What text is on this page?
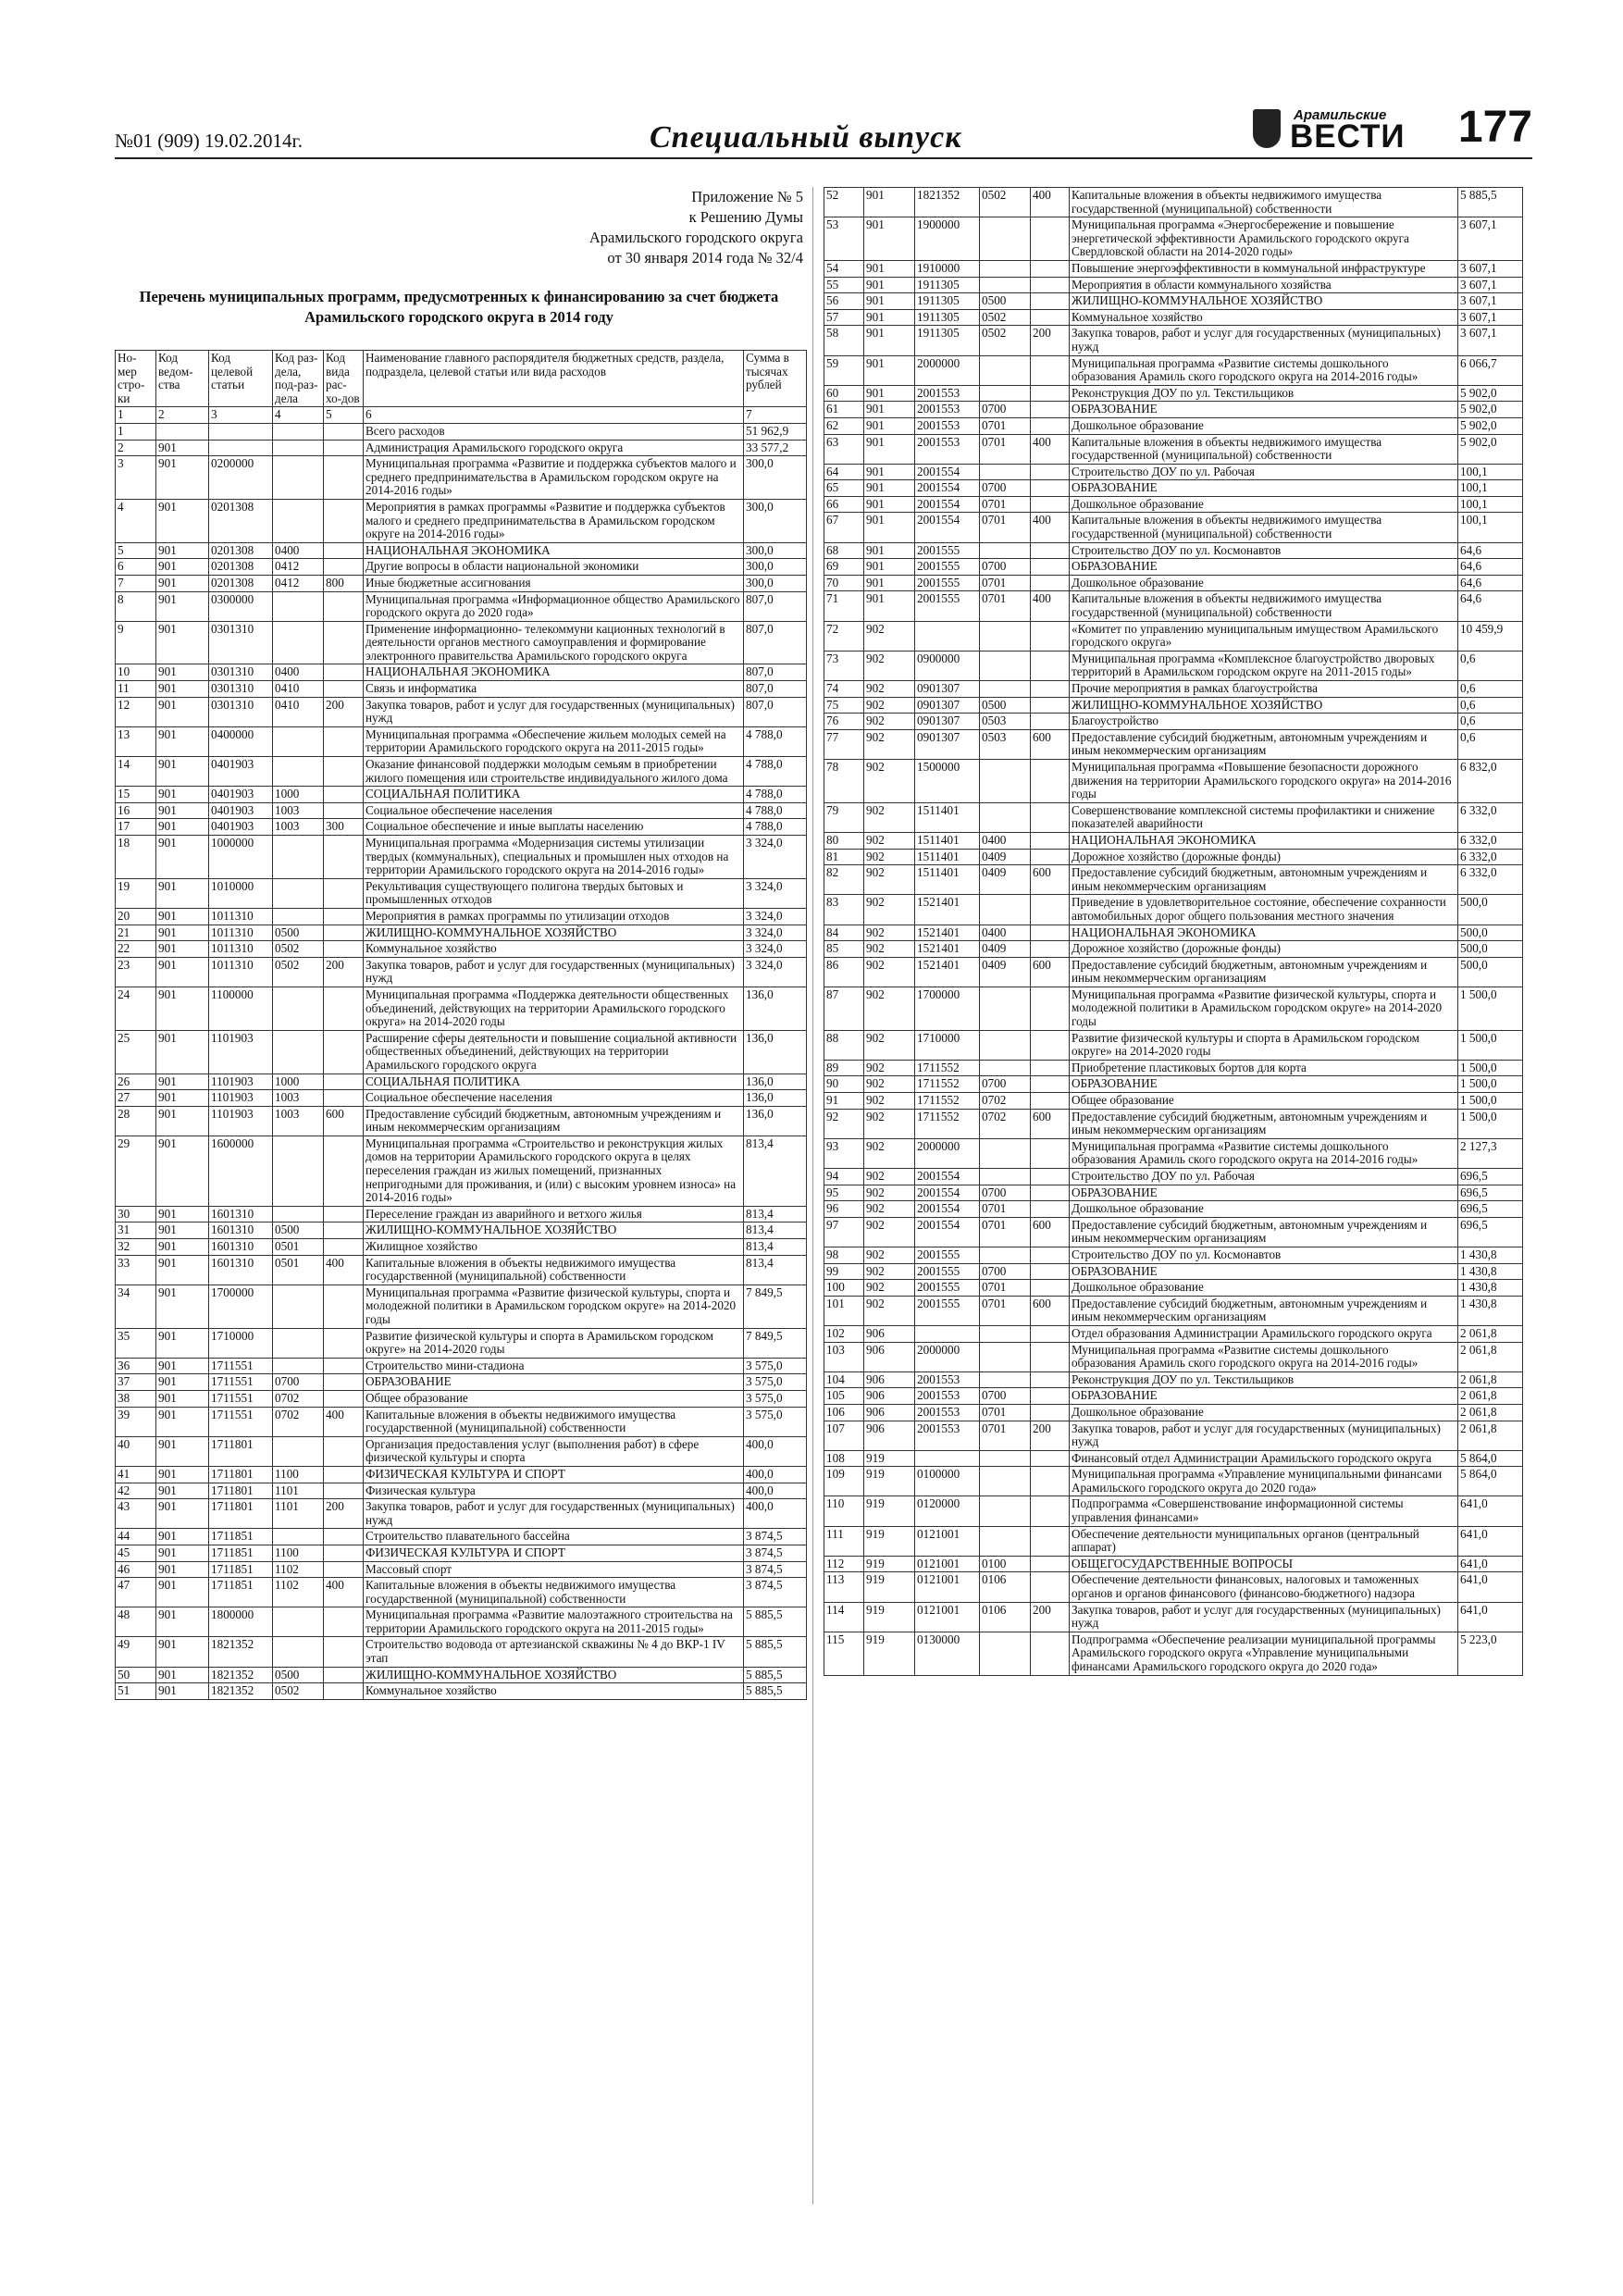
№01 (909) 19.02.2014г.	Специальный выпуск
Арамильские
ВЕСТИ	177
Приложение № 5
к Решению Думы
Арамильского городского округа
от 30 января 2014 года № 32/4
Перечень муниципальных программ, предусмотренных к финансированию за счет бюджета Арамильского городского округа в 2014 году
Но-мер стро-ки	Код ведом-ства	Код целевой статьи	Код раз-дела, под-раз-дела	Код вида рас-хо-дов	Наименование главного распорядителя бюджетных средств, раздела, подраздела, целевой статьи или вида расходов	Сумма в тысячах рублей
1	2	3	4	5	6	7
1					Всего расходов	51 962,9
2	901				Администрация Арамильского городского округа	33 577,2
3	901	0200000			Муниципальная программа «Развитие и поддержка субъектов малого и среднего предпринимательства в Арамильском городском округе на 2014-2016 годы»	300,0
4	901	0201308			Мероприятия в рамках программы «Развитие и поддержка субъектов малого и среднего предпринимательства в Арамильском городском округе на 2014-2016 годы»	300,0
5	901	0201308	0400		НАЦИОНАЛЬНАЯ ЭКОНОМИКА	300,0
6	901	0201308	0412		Другие вопросы в области национальной экономики	300,0
7	901	0201308	0412	800	Иные бюджетные ассигнования	300,0
8	901	0300000			Муниципальная программа «Информационное общество Арамильского городского округа до 2020 года»	807,0
9	901	0301310			Применение информационно- телекоммуни кационных технологий в деятельности органов местного самоуправления и формирование электронного правительства Арамильского городского округа	807,0
10	901	0301310	0400		НАЦИОНАЛЬНАЯ ЭКОНОМИКА	807,0
11	901	0301310	0410		Связь и информатика	807,0
12	901	0301310	0410	200	Закупка товаров, работ и услуг для государственных (муниципальных) нужд	807,0
13	901	0400000			Муниципальная программа «Обеспечение жильем молодых семей на территории Арамильского городского округа на 2011-2015 годы»	4 788,0
14	901	0401903			Оказание финансовой поддержки молодым семьям в приобретении жилого помещения или строительстве индивидуального жилого дома	4 788,0
15	901	0401903	1000		СОЦИАЛЬНАЯ ПОЛИТИКА	4 788,0
16	901	0401903	1003		Социальное обеспечение населения	4 788,0
17	901	0401903	1003	300	Социальное обеспечение и иные выплаты населению	4 788,0
18	901	1000000			Муниципальная программа «Модернизация системы утилизации твердых (коммунальных), специальных и промышлен ных отходов на территории Арамильского городского округа на 2014-2016 годы»	3 324,0
19	901	1010000			Рекультивация существующего полигона твердых бытовых и промышленных отходов	3 324,0
20	901	1011310			Мероприятия в рамках программы по утилизации отходов	3 324,0
21	901	1011310	0500		ЖИЛИЩНО-КОММУНАЛЬНОЕ ХОЗЯЙСТВО	3 324,0
22	901	1011310	0502		Коммунальное хозяйство	3 324,0
23	901	1011310	0502	200	Закупка товаров, работ и услуг для государственных (муниципальных) нужд	3 324,0
24	901	1100000			Муниципальная программа «Поддержка деятельности общественных объединений, действующих на территории Арамильского городского округа» на 2014-2020 годы	136,0
25	901	1101903			Расширение сферы деятельности и повышение социальной активности общественных объединений, действующих на территории Арамильского городского округа	136,0
26	901	1101903	1000		СОЦИАЛЬНАЯ ПОЛИТИКА	136,0
27	901	1101903	1003		Социальное обеспечение населения	136,0
28	901	1101903	1003	600	Предоставление субсидий бюджетным, автономным учреждениям и иным некоммерческим организациям	136,0
29	901	1600000			Муниципальная программа «Строительство и реконструкция жилых домов на территории Арамильского городского округа в целях переселения граждан из жилых помещений, признанных непригодными для проживания, и (или) с высоким уровнем износа» на 2014-2016 годы»	813,4
30	901	1601310			Переселение граждан из аварийного и ветхого жилья	813,4
31	901	1601310	0500		ЖИЛИЩНО-КОММУНАЛЬНОЕ ХОЗЯЙСТВО	813,4
32	901	1601310	0501		Жилищное хозяйство	813,4
33	901	1601310	0501	400	Капитальные вложения в объекты недвижимого имущества государственной (муниципальной) собственности	813,4
34	901	1700000			Муниципальная программа «Развитие физической культуры, спорта и молодежной политики в Арамильском городском округе» на 2014-2020 годы	7 849,5
35	901	1710000			Развитие физической культуры и спорта в Арамильском городском округе» на 2014-2020 годы	7 849,5
36	901	1711551			Строительство мини-стадиона	3 575,0
37	901	1711551	0700		ОБРАЗОВАНИЕ	3 575,0
38	901	1711551	0702		Общее образование	3 575,0
39	901	1711551	0702	400	Капитальные вложения в объекты недвижимого имущества государственной (муниципальной) собственности	3 575,0
40	901	1711801			Организация предоставления услуг (выполнения работ) в сфере физической культуры и спорта	400,0
41	901	1711801	1100		ФИЗИЧЕСКАЯ КУЛЬТУРА И СПОРТ	400,0
42	901	1711801	1101		Физическая культура	400,0
43	901	1711801	1101	200	Закупка товаров, работ и услуг для государственных (муниципальных) нужд	400,0
44	901	1711851			Строительство плавательного бассейна	3 874,5
45	901	1711851	1100		ФИЗИЧЕСКАЯ КУЛЬТУРА И СПОРТ	3 874,5
46	901	1711851	1102		Массовый спорт	3 874,5
47	901	1711851	1102	400	Капитальные вложения в объекты недвижимого имущества государственной (муниципальной) собственности	3 874,5
48	901	1800000			Муниципальная программа «Развитие малоэтажного строительства на территории Арамильского городского округа на 2011-2015 годы»	5 885,5
49	901	1821352			Строительство водовода от артезианской скважины № 4 до ВКР-1 IV этап	5 885,5
50	901	1821352	0500		ЖИЛИЩНО-КОММУНАЛЬНОЕ ХОЗЯЙСТВО	5 885,5
51	901	1821352	0502		Коммунальное хозяйство	5 885,5
52	901	1821352	0502	400	Капитальные вложения в объекты недвижимого имущества государственной (муниципальной) собственности	5 885,5
53	901	1900000			Муниципальная программа «Энергосбережение и повышение энергетической эффективности Арамильского городского округа Свердловской области на 2014-2020 годы»	3 607,1
54	901	1910000			Повышение энергоэффективности в коммунальной инфраструктуре	3 607,1
55	901	1911305			Мероприятия в области коммунального хозяйства	3 607,1
56	901	1911305	0500		ЖИЛИЩНО-КОММУНАЛЬНОЕ ХОЗЯЙСТВО	3 607,1
57	901	1911305	0502		Коммунальное хозяйство	3 607,1
58	901	1911305	0502	200	Закупка товаров, работ и услуг для государственных (муниципальных) нужд	3 607,1
59	901	2000000			Муниципальная программа «Развитие системы дошкольного образования Арамиль ского городского округа на 2014-2016 годы»	6 066,7
60	901	2001553			Реконструкция ДОУ по ул. Текстильщиков	5 902,0
61	901	2001553	0700		ОБРАЗОВАНИЕ	5 902,0
62	901	2001553	0701		Дошкольное образование	5 902,0
63	901	2001553	0701	400	Капитальные вложения в объекты недвижимого имущества государственной (муниципальной) собственности	5 902,0
64	901	2001554			Строительство ДОУ по ул. Рабочая	100,1
65	901	2001554	0700		ОБРАЗОВАНИЕ	100,1
66	901	2001554	0701		Дошкольное образование	100,1
67	901	2001554	0701	400	Капитальные вложения в объекты недвижимого имущества государственной (муниципальной) собственности	100,1
68	901	2001555			Строительство ДОУ по ул. Космонавтов	64,6
69	901	2001555	0700		ОБРАЗОВАНИЕ	64,6
70	901	2001555	0701		Дошкольное образование	64,6
71	901	2001555	0701	400	Капитальные вложения в объекты недвижимого имущества государственной (муниципальной) собственности	64,6
72	902				«Комитет по управлению муниципальным имуществом Арамильского городского округа»	10 459,9
73	902	0900000			Муниципальная программа «Комплексное благоустройство дворовых территорий в Арамильском городском округе на 2011-2015 годы»	0,6
74	902	0901307			Прочие мероприятия в рамках благоустройства	0,6
75	902	0901307	0500		ЖИЛИЩНО-КОММУНАЛЬНОЕ ХОЗЯЙСТВО	0,6
76	902	0901307	0503		Благоустройство	0,6
77	902	0901307	0503	600	Предоставление субсидий бюджетным, автономным учреждениям и иным некоммерческим организациям	0,6
78	902	1500000			Муниципальная программа «Повышение безопасности дорожного движения на территории Арамильского городского округа» на 2014-2016 годы	6 832,0
79	902	1511401			Совершенствование комплексной системы профилактики и снижение показателей аварийности	6 332,0
80	902	1511401	0400		НАЦИОНАЛЬНАЯ ЭКОНОМИКА	6 332,0
81	902	1511401	0409		Дорожное хозяйство (дорожные фонды)	6 332,0
82	902	1511401	0409	600	Предоставление субсидий бюджетным, автономным учреждениям и иным некоммерческим организациям	6 332,0
83	902	1521401			Приведение в удовлетворительное состояние, обеспечение сохранности автомобильных дорог общего пользования местного значения	500,0
84	902	1521401	0400		НАЦИОНАЛЬНАЯ ЭКОНОМИКА	500,0
85	902	1521401	0409		Дорожное хозяйство (дорожные фонды)	500,0
86	902	1521401	0409	600	Предоставление субсидий бюджетным, автономным учреждениям и иным некоммерческим организациям	500,0
87	902	1700000			Муниципальная программа «Развитие физической культуры, спорта и молодежной политики в Арамильском городском округе» на 2014-2020 годы	1 500,0
88	902	1710000			Развитие физической культуры и спорта в Арамильском городском округе» на 2014-2020 годы	1 500,0
89	902	1711552			Приобретение пластиковых бортов для корта	1 500,0
90	902	1711552	0700		ОБРАЗОВАНИЕ	1 500,0
91	902	1711552	0702		Общее образование	1 500,0
92	902	1711552	0702	600	Предоставление субсидий бюджетным, автономным учреждениям и иным некоммерческим организациям	1 500,0
93	902	2000000			Муниципальная программа «Развитие системы дошкольного образования Арамиль ского городского округа на 2014-2016 годы»	2 127,3
94	902	2001554			Строительство ДОУ по ул. Рабочая	696,5
95	902	2001554	0700		ОБРАЗОВАНИЕ	696,5
96	902	2001554	0701		Дошкольное образование	696,5
97	902	2001554	0701	600	Предоставление субсидий бюджетным, автономным учреждениям и иным некоммерческим организациям	696,5
98	902	2001555			Строительство ДОУ по ул. Космонавтов	1 430,8
99	902	2001555	0700		ОБРАЗОВАНИЕ	1 430,8
100	902	2001555	0701		Дошкольное образование	1 430,8
101	902	2001555	0701	600	Предоставление субсидий бюджетным, автономным учреждениям и иным некоммерческим организациям	1 430,8
102	906				Отдел образования Администрации Арамильского городского округа	2 061,8
103	906	2000000			Муниципальная программа «Развитие системы дошкольного образования Арамиль ского городского округа на 2014-2016 годы»	2 061,8
104	906	2001553			Реконструкция ДОУ по ул. Текстильщиков	2 061,8
105	906	2001553	0700		ОБРАЗОВАНИЕ	2 061,8
106	906	2001553	0701		Дошкольное образование	2 061,8
107	906	2001553	0701	200	Закупка товаров, работ и услуг для государственных (муниципальных) нужд	2 061,8
108	919				Финансовый отдел Администрации Арамильского городского округа	5 864,0
109	919	0100000			Муниципальная программа «Управление муниципальными финансами Арамильского городского округа до 2020 года»	5 864,0
110	919	0120000			Подпрограмма «Совершенствование информационной системы управления финансами»	641,0
111	919	0121001			Обеспечение деятельности муниципальных органов (центральный аппарат)	641,0
112	919	0121001	0100		ОБЩЕГОСУДАРСТВЕННЫЕ ВОПРОСЫ	641,0
113	919	0121001	0106		Обеспечение деятельности финансовых, налоговых и таможенных органов и органов финансового (финансово-бюджетного) надзора	641,0
114	919	0121001	0106	200	Закупка товаров, работ и услуг для государственных (муниципальных) нужд	641,0
115	919	0130000			Подпрограмма «Обеспечение реализации муниципальной программы Арамильского городского округа «Управление муниципальными финансами Арамильского городского округа до 2020 года»	5 223,0
